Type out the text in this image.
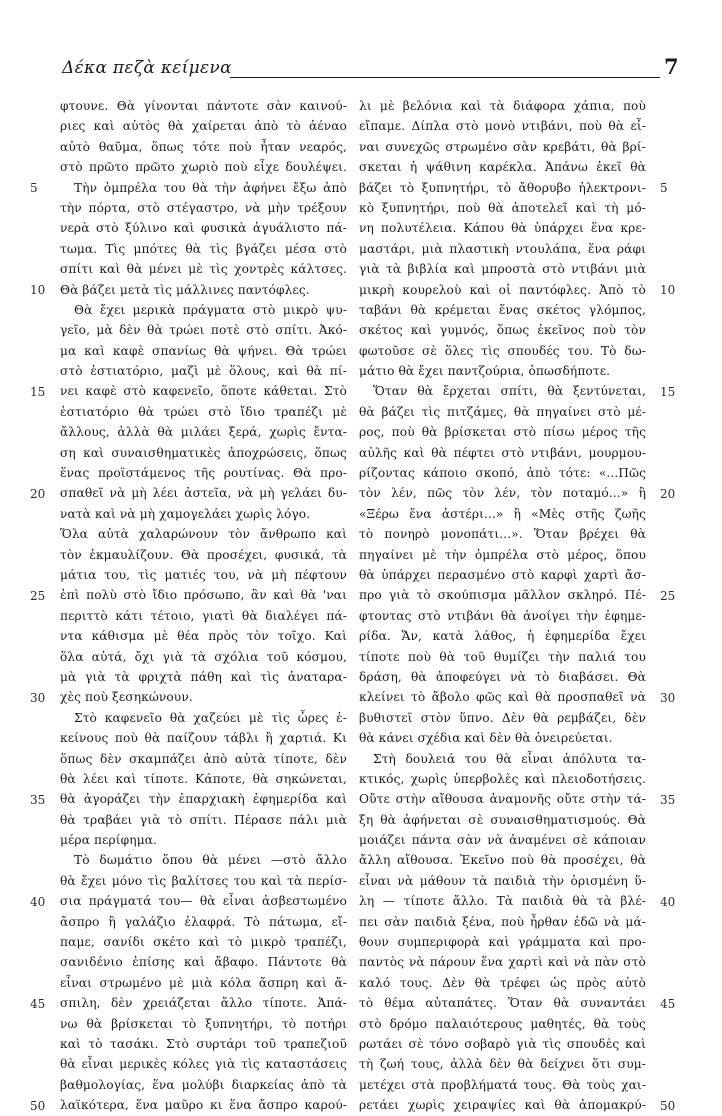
Δέκα πεζὰ κείμενα	7
φτουνε. Θὰ γίνονται πάντοτε σὰν καινού-
ριες καὶ αὐτὸς θὰ χαίρεται ἀπὸ τὸ ἀέναο
αὐτὸ θαῦμα, ὅπως τότε ποὺ ἦταν νεαρός,
στὸ πρῶτο πρῶτο χωριὸ ποὺ εἶχε δουλέψει.
Τὴν ὀμπρέλα του θὰ τὴν ἀφήνει ἔξω ἀπὸ
τὴν πόρτα, στὸ στέγαστρο, νὰ μὴν τρέξουν
νερὰ στὸ ξύλινο καὶ φυσικὰ ἀγυάλιστο πά-
τωμα. Τὶς μπότες θὰ τὶς βγάζει μέσα στὸ
σπίτι καὶ θὰ μένει μὲ τὶς χοντρὲς κάλτσες.
Θὰ βάζει μετὰ τὶς μάλλινες παντόφλες.
Θὰ ἔχει μερικὰ πράγματα στὸ μικρὸ ψυ-
γεῖο, μὰ δὲν θὰ τρώει ποτὲ στὸ σπίτι. Ἀκό-
μα καὶ καφὲ σπανίως θὰ ψήνει. Θὰ τρώει
στὸ ἑστιατόριο, μαζὶ μὲ ὅλους, καὶ θὰ πί-
νει καφὲ στὸ καφενεῖο, ὅποτε κάθεται. Στὸ
ἑστιατόριο θὰ τρώει στὸ ἴδιο τραπέζι μὲ
ἄλλους, ἀλλὰ θὰ μιλάει ξερά, χωρὶς ἔντα-
ση καὶ συναισθηματικὲς ἀποχρώσεις, ὅπως
ἕνας προϊστάμενος τῆς ρουτίνας. Θὰ προ-
σπαθεῖ νὰ μὴ λέει ἀστεῖα, νὰ μὴ γελάει δυ-
νατὰ καὶ νὰ μὴ χαμογελάει χωρὶς λόγο.
Ὅλα αὐτὰ χαλαρώνουν τὸν ἄνθρωπο καὶ
τὸν ἐκμαυλίζουν. Θὰ προσέχει, φυσικά, τὰ
μάτια του, τὶς ματιές του, νὰ μὴ πέφτουν
ἐπὶ πολὺ στὸ ἴδιο πρόσωπο, ἂν καὶ θὰ 'ναι
περιττὸ κάτι τέτοιο, γιατὶ θὰ διαλέγει πά-
ντα κάθισμα μὲ θέα πρὸς τὸν τοῖχο. Καὶ
ὅλα αὐτά, ὄχι γιὰ τὰ σχόλια τοῦ κόσμου,
μὰ γιὰ τὰ φριχτὰ πάθη καὶ τὶς ἀναταρα-
χὲς ποὺ ξεσηκώνουν.
Στὸ καφενεῖο θὰ χαζεύει μὲ τὶς ὧρες ἐ-
κείνους ποὺ θὰ παίζουν τάβλι ἢ χαρτιά. Κι
ὅπως δὲν σκαμπάζει ἀπὸ αὐτὰ τίποτε, δὲν
θὰ λέει καὶ τίποτε. Κάποτε, θὰ σηκώνεται,
θὰ ἀγοράζει τὴν ἐπαρχιακὴ ἐφημερίδα καὶ
θὰ τραβάει γιὰ τὸ σπίτι. Πέρασε πάλι μιὰ
μέρα περίφημα.
Τὸ δωμάτιο ὅπου θὰ μένει —στὸ ἄλλο
θὰ ἔχει μόνο τὶς βαλίτσες του καὶ τὰ περίσ-
σια πράγματά του— θὰ εἶναι ἀσβεστωμένο
ἄσπρο ἢ γαλάζιο ἐλαφρά. Τὸ πάτωμα, εἴ-
παμε, σανίδι σκέτο καὶ τὸ μικρὸ τραπέζι,
σανιδένιο ἐπίσης καὶ ἄβαφο. Πάντοτε θὰ
εἶναι στρωμένο μὲ μιὰ κόλα ἄσπρη καὶ ἄ-
σπιλη, δὲν χρειάζεται ἄλλο τίποτε. Ἀπά-
νω θὰ βρίσκεται τὸ ξυπνητήρι, τὸ ποτήρι
καὶ τὸ τασάκι. Στὸ συρτάρι τοῦ τραπεζιοῦ
θὰ εἶναι μερικὲς κόλες γιὰ τὶς καταστάσεις
βαθμολογίας, ἕνα μολύβι διαρκείας ἀπὸ τὰ
λαϊκότερα, ἕνα μαῦρο κι ἕνα ἄσπρο καρού-
λι μὲ βελόνια καὶ τὰ διάφορα χάπια, ποὺ
εἴπαμε. Δίπλα στὸ μονὸ ντιβάνι, ποὺ θὰ εἶ-
ναι συνεχῶς στρωμένο σὰν κρεβάτι, θὰ βρί-
σκεται ἡ ψάθινη καρέκλα. Ἀπάνω ἐκεῖ θὰ
βάζει τὸ ξυπνητήρι, τὸ ἄθορυβο ἠλεκτρονι-
κὸ ξυπνητήρι, ποὺ θὰ ἀποτελεῖ καὶ τὴ μό-
νη πολυτέλεια. Κάπου θὰ ὑπάρχει ἕνα κρε-
μαστάρι, μιὰ πλαστικὴ ντουλάπα, ἕνα ράφι
γιὰ τὰ βιβλία καὶ μπροστὰ στὸ ντιβάνι μιὰ
μικρὴ κουρελοὺ καὶ οἱ παντόφλες. Ἀπὸ τὸ
ταβάνι θὰ κρέμεται ἕνας σκέτος γλόμπος,
σκέτος καὶ γυμνός, ὅπως ἐκεῖνος ποὺ τὸν
φωτοῦσε σὲ ὅλες τὶς σπουδές του. Τὸ δω-
μάτιο θὰ ἔχει παντζούρια, ὁπωσδήποτε.
Ὅταν θὰ ἔρχεται σπίτι, θὰ ξεντύνεται,
θὰ βάζει τὶς πιτζάμες, θὰ πηγαίνει στὸ μέ-
ρος, ποὺ θὰ βρίσκεται στὸ πίσω μέρος τῆς
αὐλῆς καὶ θὰ πέφτει στὸ ντιβάνι, μουρμου-
ρίζοντας κάποιο σκοπό, ἀπὸ τότε: «...Πῶς
τὸν λέν, πῶς τὸν λέν, τὸν ποταμό...» ἢ
«Ξέρω ἕνα ἀστέρι...» ἢ «Μὲς στῆς ζωῆς
τὸ πονηρὸ μονοπάτι...». Ὅταν βρέχει θὰ
πηγαίνει μὲ τὴν ὀμπρέλα στὸ μέρος, ὅπου
θὰ ὑπάρχει περασμένο στὸ καρφὶ χαρτὶ ἄσ-
προ γιὰ τὸ σκούπισμα μᾶλλον σκληρό. Πέ-
φτοντας στὸ ντιβάνι θὰ ἀνοίγει τὴν ἐφημε-
ρίδα. Ἄν, κατὰ λάθος, ἡ ἐφημερίδα ἔχει
τίποτε ποὺ θὰ τοῦ θυμίζει τὴν παλιά του
δράση, θὰ ἀποφεύγει νὰ τὸ διαβάσει. Θὰ
κλείνει τὸ ἄβολο φῶς καὶ θὰ προσπαθεῖ νὰ
βυθιστεῖ στὸν ὕπνο. Δὲν θὰ ρεμβάζει, δὲν
θὰ κάνει σχέδια καὶ δὲν θὰ ὀνειρεύεται.
Στὴ δουλειά του θὰ εἶναι ἀπόλυτα τα-
κτικός, χωρὶς ὑπερβολὲς καὶ πλειοδοτήσεις.
Οὔτε στὴν αἴθουσα ἀναμονῆς οὔτε στὴν τά-
ξη θὰ ἀφήνεται σὲ συναισθηματισμούς. Θὰ
μοιάζει πάντα σὰν νὰ ἀναμένει σὲ κάποιαν
ἄλλη αἴθουσα. Ἐκεῖνο ποὺ θὰ προσέχει, θὰ
εἶναι νὰ μάθουν τὰ παιδιὰ τὴν ὁρισμένη ὕ-
λη — τίποτε ἄλλο. Τὰ παιδιὰ θὰ τὰ βλέ-
πει σὰν παιδιὰ ξένα, ποὺ ἦρθαν ἐδῶ νὰ μά-
θουν συμπεριφορὰ καὶ γράμματα καὶ προ-
παντὸς νὰ πάρουν ἕνα χαρτὶ καὶ νὰ πὰν στὸ
καλό τους. Δὲν θὰ τρέφει ὡς πρὸς αὐτὸ
τὸ θέμα αὐταπάτες. Ὅταν θὰ συναντάει
στὸ δρόμο παλαιότερους μαθητές, θὰ τοὺς
ρωτάει σὲ τόνο σοβαρὸ γιὰ τὶς σπουδὲς καὶ
τὴ ζωή τους, ἀλλὰ δὲν θὰ δείχνει ὅτι συμ-
μετέχει στὰ προβλήματά τους. Θὰ τοὺς χαι-
ρετάει χωρὶς χειραψίες καὶ θὰ ἀπομακρύ-
5	5
10	10
15	15
20	20
25	25
30	30
35	35
40	40
45	45
50	50
